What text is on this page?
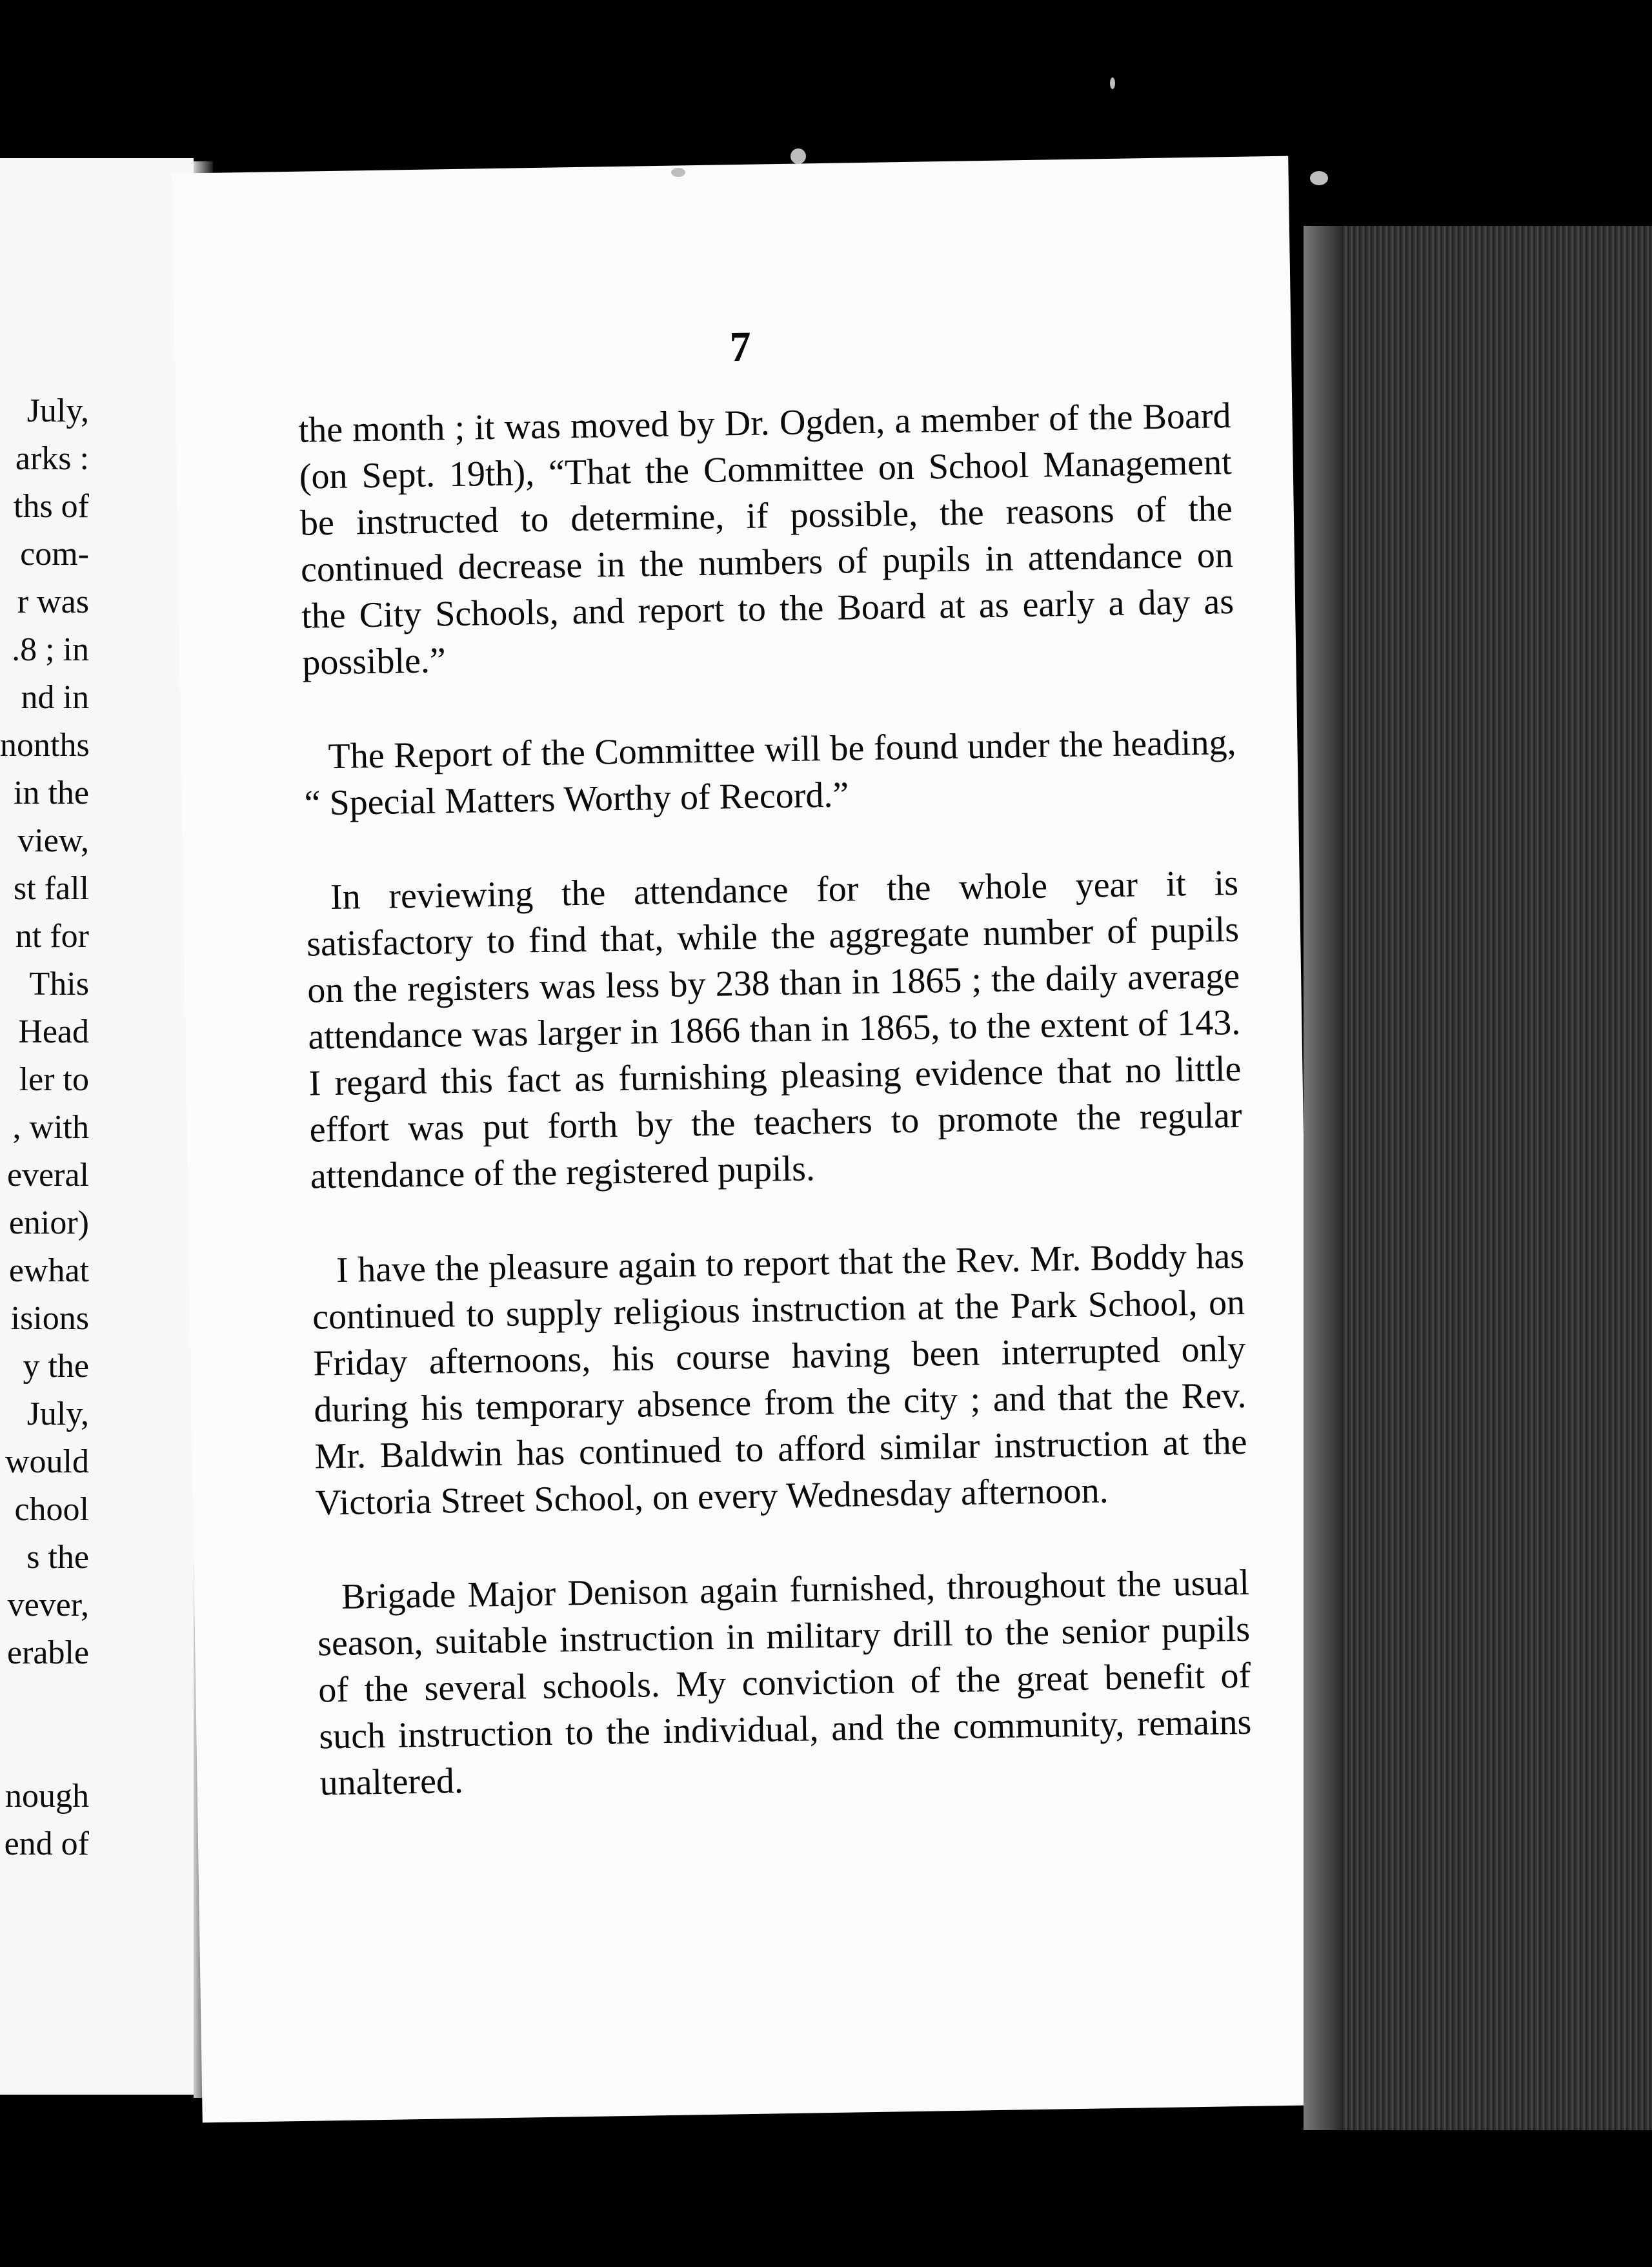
July,
arks :
ths of
com-
r was
.8 ; in
nd in
nonths
in the
view,
st fall
nt for
This
Head
ler to
, with
everal
enior)
ewhat
isions
y the
July,
would
chool
s the
vever,
erable
nough
end of
7

the month ; it was moved by Dr. Ogden, a member of the Board (on Sept. 19th), “That the Committee on School Management be instructed to determine, if possible, the reasons of the continued decrease in the numbers of pupils in attendance on the City Schools, and report to the Board at as early a day as possible.”

The Report of the Committee will be found under the heading, “ Special Matters Worthy of Record.”

In reviewing the attendance for the whole year it is satisfactory to find that, while the aggregate number of pupils on the registers was less by 238 than in 1865 ; the daily average attendance was larger in 1866 than in 1865, to the extent of 143. I regard this fact as furnishing pleasing evidence that no little effort was put forth by the teachers to promote the regular attendance of the registered pupils.

I have the pleasure again to report that the Rev. Mr. Boddy has continued to supply religious instruction at the Park School, on Friday afternoons, his course having been interrupted only during his temporary absence from the city ; and that the Rev. Mr. Baldwin has continued to afford similar instruction at the Victoria Street School, on every Wednesday afternoon.

Brigade Major Denison again furnished, throughout the usual season, suitable instruction in military drill to the senior pupils of the several schools. My conviction of the great benefit of such instruction to the individual, and the community, remains unaltered.
